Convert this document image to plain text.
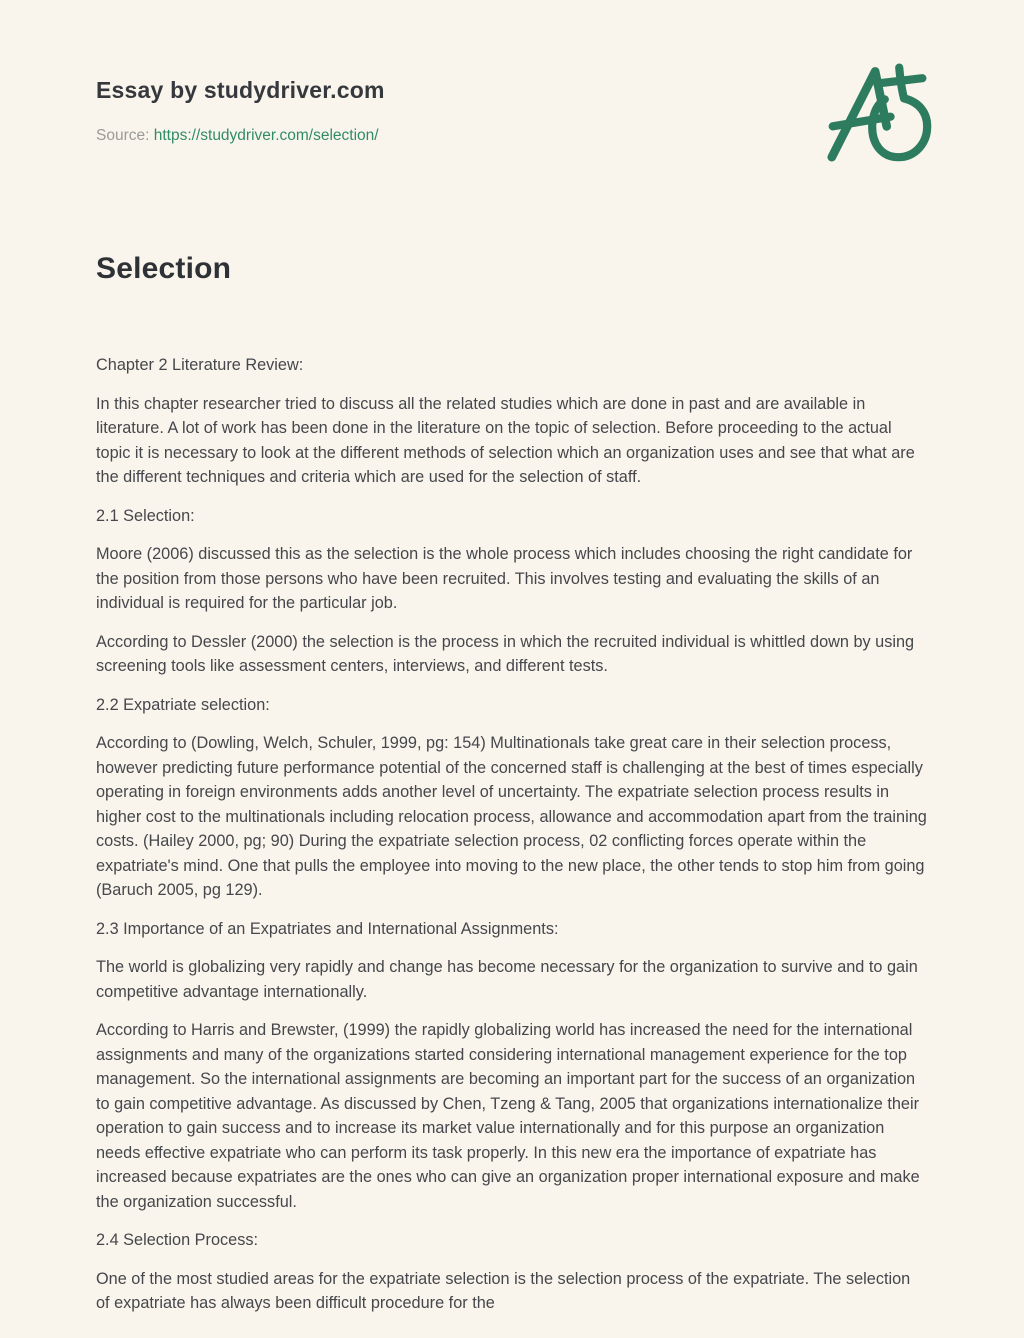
Essay by studydriver.com
Source: https://studydriver.com/selection/
Selection

Chapter 2 Literature Review:

In this chapter researcher tried to discuss all the related studies which are done in past and are available in literature. A lot of work has been done in the literature on the topic of selection. Before proceeding to the actual topic it is necessary to look at the different methods of selection which an organization uses and see that what are the different techniques and criteria which are used for the selection of staff.

2.1 Selection:

Moore (2006) discussed this as the selection is the whole process which includes choosing the right candidate for the position from those persons who have been recruited. This involves testing and evaluating the skills of an individual is required for the particular job.

According to Dessler (2000) the selection is the process in which the recruited individual is whittled down by using screening tools like assessment centers, interviews, and different tests.

2.2 Expatriate selection:

According to (Dowling, Welch, Schuler, 1999, pg: 154) Multinationals take great care in their selection process, however predicting future performance potential of the concerned staff is challenging at the best of times especially operating in foreign environments adds another level of uncertainty. The expatriate selection process results in higher cost to the multinationals including relocation process, allowance and accommodation apart from the training costs. (Hailey 2000, pg; 90) During the expatriate selection process, 02 conflicting forces operate within the expatriate's mind. One that pulls the employee into moving to the new place, the other tends to stop him from going (Baruch 2005, pg 129).

2.3 Importance of an Expatriates and International Assignments:

The world is globalizing very rapidly and change has become necessary for the organization to survive and to gain competitive advantage internationally.

According to Harris and Brewster, (1999) the rapidly globalizing world has increased the need for the international assignments and many of the organizations started considering international management experience for the top management. So the international assignments are becoming an important part for the success of an organization to gain competitive advantage. As discussed by Chen, Tzeng & Tang, 2005 that organizations internationalize their operation to gain success and to increase its market value internationally and for this purpose an organization needs effective expatriate who can perform its task properly. In this new era the importance of expatriate has increased because expatriates are the ones who can give an organization proper international exposure and make the organization successful.

2.4 Selection Process:

One of the most studied areas for the expatriate selection is the selection process of the expatriate. The selection of expatriate has always been difficult procedure for the
